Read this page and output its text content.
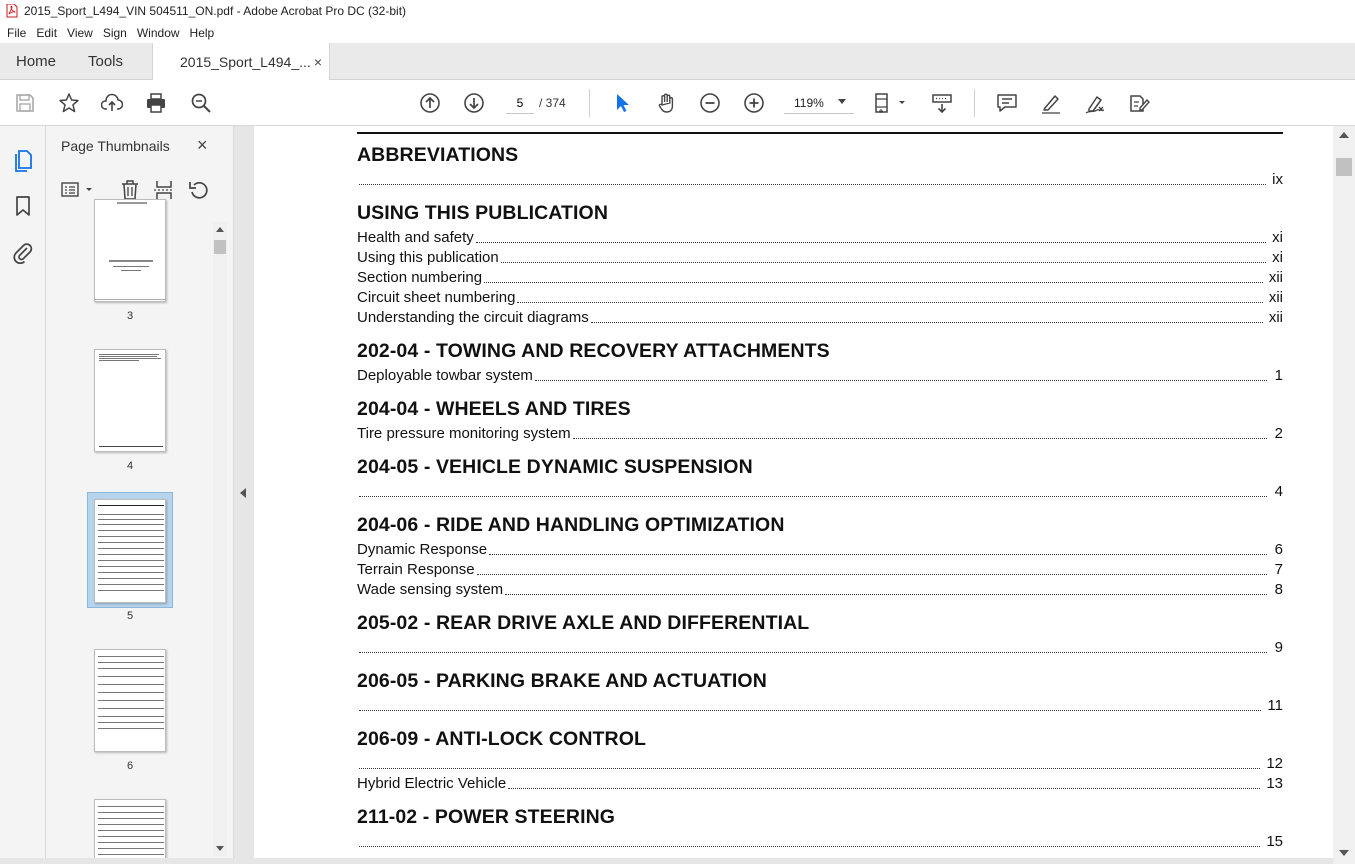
2015_Sport_L494_VIN 504511_ON.pdf - Adobe Acrobat Pro DC (32-bit)
File Edit View Sign Window Help
Home Tools	2015_Sport_L494_... ×
5
/ 374	119%
Page Thumbnails ×
3
4
5
6
ABBREVIATIONS
ix
USING THIS PUBLICATION
Health and safety	xi
Using this publication	xi
Section numbering	xii
Circuit sheet numbering	xii
Understanding the circuit diagrams	xii
202-04 - TOWING AND RECOVERY ATTACHMENTS
Deployable towbar system	1
204-04 - WHEELS AND TIRES
Tire pressure monitoring system	2
204-05 - VEHICLE DYNAMIC SUSPENSION
4
204-06 - RIDE AND HANDLING OPTIMIZATION
Dynamic Response	6
Terrain Response	7
Wade sensing system	8
205-02 - REAR DRIVE AXLE AND DIFFERENTIAL
9
206-05 - PARKING BRAKE AND ACTUATION
11
206-09 - ANTI-LOCK CONTROL
12
Hybrid Electric Vehicle	13
211-02 - POWER STEERING
15
